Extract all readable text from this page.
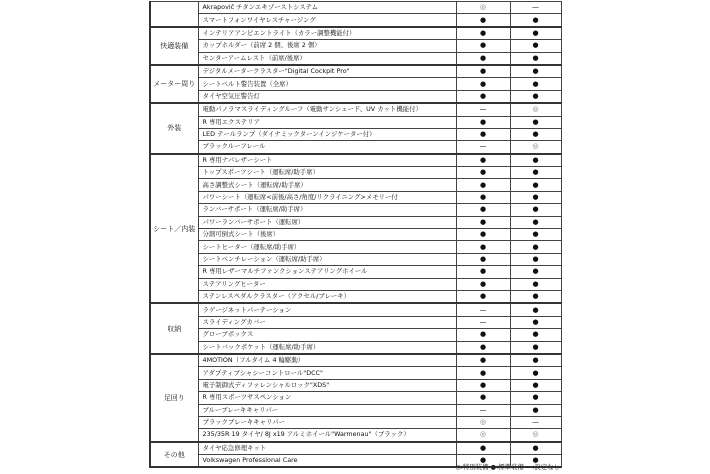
	Akrapovič チタンエキゾーストシステム	◎	—
	スマートフォンワイヤレスチャージング	●	●
快適装備	インテリアアンビエントライト（カラー調整機能付）	●	●
	カップホルダー（前席 2 個、後席 2 個）	●	●
	センターアームレスト（前席/後席）	●	●
メーター周り	デジタルメータークラスター"Digital Cockpit Pro"	●	●
	シートベルト警告装置（全席）	●	●
	タイヤ空気圧警告灯	●	●
外装	電動パノラマスライディングルーフ（電動サンシェード、UV カット機能付）	—	◎
	R 専用エクステリア	●	●
	LED テールランプ（ダイナミックターンインジケーター付）	●	●
	ブラックルーフレール	—	◎
シート／内装	R 専用ナパレザーシート	●	●
	トップスポーツシート（運転席/助手席）	●	●
	高さ調整式シート（運転席/助手席）	●	●
	パワーシート（運転席<前後/高さ/角度/リクライニング>メモリー付	●	●
	ランバーサポート（運転席/助手席）	●	●
	パワーランバーサポート（運転席）	●	●
	分割可倒式シート（後席）	●	●
	シートヒーター（運転席/助手席）	●	●
	シートベンチレーション（運転席/助手席）	●	●
	R 専用レザーマルチファンクションステアリングホイール	●	●
	ステアリングヒーター	●	●
	ステンレスペダルクラスター（アクセル/ブレーキ）	●	●
収納	ラゲージネットパーテーション	—	●
	スライディングカバー	—	●
	グローブボックス	●	●
	シートバックポケット（運転席/助手席）	●	●
足回り	4MOTION（フルタイム 4 輪駆動）	●	●
	アダプティブシャシーコントロール"DCC"	●	●
	電子制御式ディファレンシャルロック"XDS"	●	●
	R 専用スポーツサスペンション	●	●
	ブルーブレーキキャリパー	—	●
	ブラックブレーキキャリパー	◎	—
	235/35R 19 タイヤ/ 8J x19 アルミホイール"Warmenau"（ブラック）	◎	◎
その他	タイヤ応急修理キット	●	●
	Volkswagen Professional Care	●	●
◎:特別装備 ●:標準装備 —:設定なし
